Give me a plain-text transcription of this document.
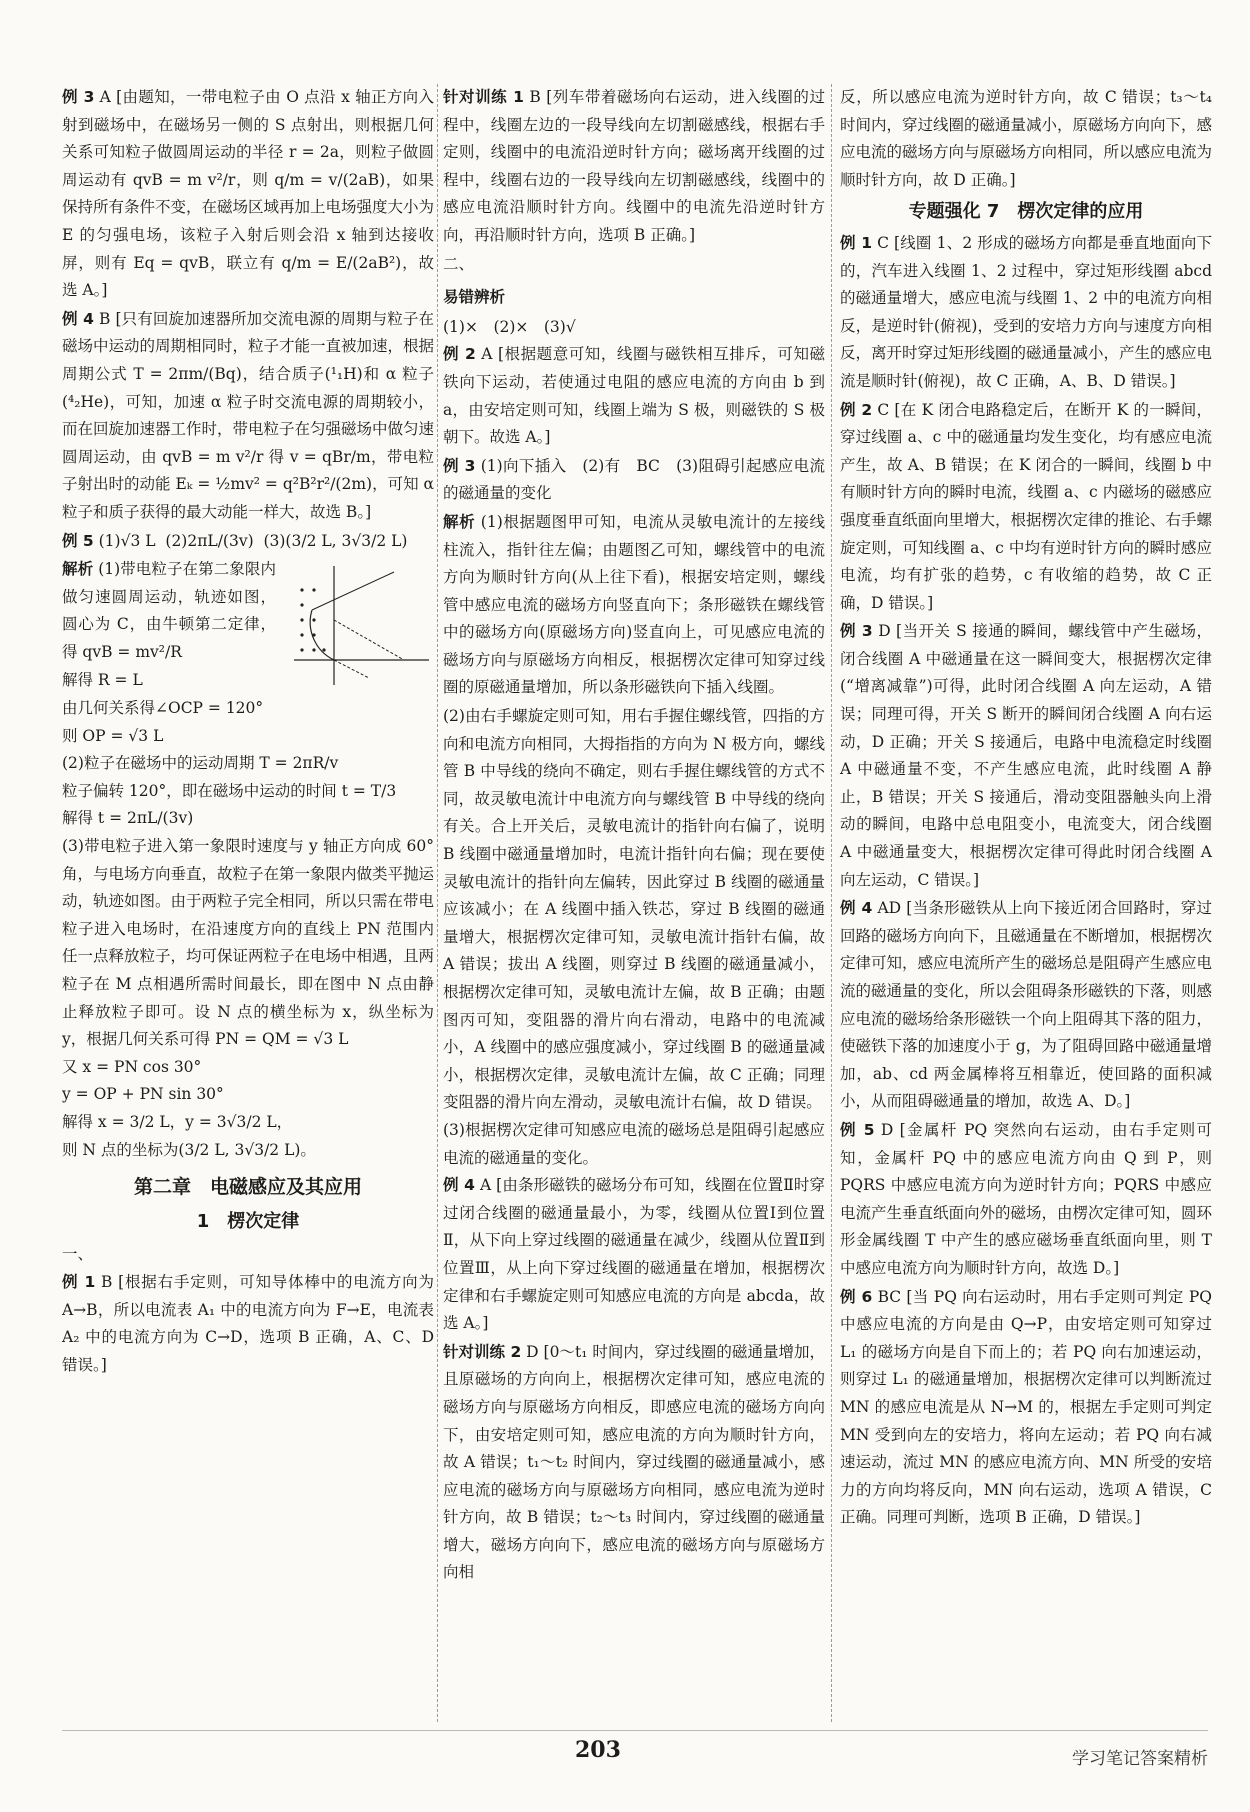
例 3 A [由题知，一带电粒子由 O 点沿 x 轴正方向入射到磁场中，在磁场另一侧的 S 点射出，则根据几何关系可知粒子做圆周运动的半径 r = 2a，则粒子做圆周运动有 qvB = m v²/r，则 q/m = v/(2aB)，如果保持所有条件不变，在磁场区域再加上电场强度大小为 E 的匀强电场，该粒子入射后则会沿 x 轴到达接收屏，则有 Eq = qvB，联立有 q/m = E/(2aB²)，故选 A。]

例 4 B [只有回旋加速器所加交流电源的周期与粒子在磁场中运动的周期相同时，粒子才能一直被加速，根据周期公式 T = 2πm/(Bq)，结合质子(¹₁H)和 α 粒子(⁴₂He)，可知，加速 α 粒子时交流电源的周期较小，而在回旋加速器工作时，带电粒子在匀强磁场中做匀速圆周运动，由 qvB = m v²/r 得 v = qBr/m，带电粒子射出时的动能 Eₖ = ½mv² = q²B²r²/(2m)，可知 α 粒子和质子获得的最大动能一样大，故选 B。]

例 5 (1)√3 L  (2)2πL/(3v)  (3)(3/2 L, 3√3/2 L)

解析 (1)带电粒子在第二象限内做匀速圆周运动，轨迹如图，圆心为 C，由牛顿第二定律，得 qvB = mv²/R

解得 R = L

由几何关系得∠OCP = 120°

则 OP = √3 L

(2)粒子在磁场中的运动周期 T = 2πR/v

粒子偏转 120°，即在磁场中运动的时间 t = T/3

解得 t = 2πL/(3v)

(3)带电粒子进入第一象限时速度与 y 轴正方向成 60°角，与电场方向垂直，故粒子在第一象限内做类平抛运动，轨迹如图。由于两粒子完全相同，所以只需在带电粒子进入电场时，在沿速度方向的直线上 PN 范围内任一点释放粒子，均可保证两粒子在电场中相遇，且两粒子在 M 点相遇所需时间最长，即在图中 N 点由静止释放粒子即可。设 N 点的横坐标为 x，纵坐标为 y，根据几何关系可得 PN = QM = √3 L

又 x = PN cos 30°

y = OP + PN sin 30°

解得 x = 3/2 L，y = 3√3/2 L，

则 N 点的坐标为(3/2 L, 3√3/2 L)。

第二章　电磁感应及其应用
1　楞次定律

一、

例 1 B [根据右手定则，可知导体棒中的电流方向为 A→B，所以电流表 A₁ 中的电流方向为 F→E，电流表 A₂ 中的电流方向为 C→D，选项 B 正确，A、C、D 错误。]

针对训练 1 B [列车带着磁场向右运动，进入线圈的过程中，线圈左边的一段导线向左切割磁感线，根据右手定则，线圈中的电流沿逆时针方向；磁场离开线圈的过程中，线圈右边的一段导线向左切割磁感线，线圈中的感应电流沿顺时针方向。线圈中的电流先沿逆时针方向，再沿顺时针方向，选项 B 正确。]

二、

易错辨析

(1)×　(2)×　(3)√

例 2 A [根据题意可知，线圈与磁铁相互排斥，可知磁铁向下运动，若使通过电阻的感应电流的方向由 b 到 a，由安培定则可知，线圈上端为 S 极，则磁铁的 S 极朝下。故选 A。]

例 3 (1)向下插入　(2)有　BC　(3)阻碍引起感应电流的磁通量的变化

解析 (1)根据题图甲可知，电流从灵敏电流计的左接线柱流入，指针往左偏；由题图乙可知，螺线管中的电流方向为顺时针方向(从上往下看)，根据安培定则，螺线管中感应电流的磁场方向竖直向下；条形磁铁在螺线管中的磁场方向(原磁场方向)竖直向上，可见感应电流的磁场方向与原磁场方向相反，根据楞次定律可知穿过线圈的原磁通量增加，所以条形磁铁向下插入线圈。

(2)由右手螺旋定则可知，用右手握住螺线管，四指的方向和电流方向相同，大拇指指的方向为 N 极方向，螺线管 B 中导线的绕向不确定，则右手握住螺线管的方式不同，故灵敏电流计中电流方向与螺线管 B 中导线的绕向有关。合上开关后，灵敏电流计的指针向右偏了，说明 B 线圈中磁通量增加时，电流计指针向右偏；现在要使灵敏电流计的指针向左偏转，因此穿过 B 线圈的磁通量应该减小；在 A 线圈中插入铁芯，穿过 B 线圈的磁通量增大，根据楞次定律可知，灵敏电流计指针右偏，故 A 错误；拔出 A 线圈，则穿过 B 线圈的磁通量减小，根据楞次定律可知，灵敏电流计左偏，故 B 正确；由题图丙可知，变阻器的滑片向右滑动，电路中的电流减小，A 线圈中的感应强度减小，穿过线圈 B 的磁通量减小，根据楞次定律，灵敏电流计左偏，故 C 正确；同理变阻器的滑片向左滑动，灵敏电流计右偏，故 D 错误。

(3)根据楞次定律可知感应电流的磁场总是阻碍引起感应电流的磁通量的变化。

例 4 A [由条形磁铁的磁场分布可知，线圈在位置Ⅱ时穿过闭合线圈的磁通量最小，为零，线圈从位置Ⅰ到位置Ⅱ，从下向上穿过线圈的磁通量在减少，线圈从位置Ⅱ到位置Ⅲ，从上向下穿过线圈的磁通量在增加，根据楞次定律和右手螺旋定则可知感应电流的方向是 abcda，故选 A。]

针对训练 2 D [0～t₁ 时间内，穿过线圈的磁通量增加，且原磁场的方向向上，根据楞次定律可知，感应电流的磁场方向与原磁场方向相反，即感应电流的磁场方向向下，由安培定则可知，感应电流的方向为顺时针方向，故 A 错误；t₁～t₂ 时间内，穿过线圈的磁通量减小，感应电流的磁场方向与原磁场方向相同，感应电流为逆时针方向，故 B 错误；t₂～t₃ 时间内，穿过线圈的磁通量增大，磁场方向向下，感应电流的磁场方向与原磁场方向相

反，所以感应电流为逆时针方向，故 C 错误；t₃～t₄ 时间内，穿过线圈的磁通量减小，原磁场方向向下，感应电流的磁场方向与原磁场方向相同，所以感应电流为顺时针方向，故 D 正确。]

专题强化 7　楞次定律的应用

例 1 C [线圈 1、2 形成的磁场方向都是垂直地面向下的，汽车进入线圈 1、2 过程中，穿过矩形线圈 abcd 的磁通量增大，感应电流与线圈 1、2 中的电流方向相反，是逆时针(俯视)，受到的安培力方向与速度方向相反，离开时穿过矩形线圈的磁通量减小，产生的感应电流是顺时针(俯视)，故 C 正确，A、B、D 错误。]

例 2 C [在 K 闭合电路稳定后，在断开 K 的一瞬间，穿过线圈 a、c 中的磁通量均发生变化，均有感应电流产生，故 A、B 错误；在 K 闭合的一瞬间，线圈 b 中有顺时针方向的瞬时电流，线圈 a、c 内磁场的磁感应强度垂直纸面向里增大，根据楞次定律的推论、右手螺旋定则，可知线圈 a、c 中均有逆时针方向的瞬时感应电流，均有扩张的趋势，c 有收缩的趋势，故 C 正确，D 错误。]

例 3 D [当开关 S 接通的瞬间，螺线管中产生磁场，闭合线圈 A 中磁通量在这一瞬间变大，根据楞次定律(“增离减靠”)可得，此时闭合线圈 A 向左运动，A 错误；同理可得，开关 S 断开的瞬间闭合线圈 A 向右运动，D 正确；开关 S 接通后，电路中电流稳定时线圈 A 中磁通量不变，不产生感应电流，此时线圈 A 静止，B 错误；开关 S 接通后，滑动变阻器触头向上滑动的瞬间，电路中总电阻变小，电流变大，闭合线圈 A 中磁通量变大，根据楞次定律可得此时闭合线圈 A 向左运动，C 错误。]

例 4 AD [当条形磁铁从上向下接近闭合回路时，穿过回路的磁场方向向下，且磁通量在不断增加，根据楞次定律可知，感应电流所产生的磁场总是阻碍产生感应电流的磁通量的变化，所以会阻碍条形磁铁的下落，则感应电流的磁场给条形磁铁一个向上阻碍其下落的阻力，使磁铁下落的加速度小于 g，为了阻碍回路中磁通量增加，ab、cd 两金属棒将互相靠近，使回路的面积减小，从而阻碍磁通量的增加，故选 A、D。]

例 5 D [金属杆 PQ 突然向右运动，由右手定则可知，金属杆 PQ 中的感应电流方向由 Q 到 P，则 PQRS 中感应电流方向为逆时针方向；PQRS 中感应电流产生垂直纸面向外的磁场，由楞次定律可知，圆环形金属线圈 T 中产生的感应磁场垂直纸面向里，则 T 中感应电流方向为顺时针方向，故选 D。]

例 6 BC [当 PQ 向右运动时，用右手定则可判定 PQ 中感应电流的方向是由 Q→P，由安培定则可知穿过 L₁ 的磁场方向是自下而上的；若 PQ 向右加速运动，则穿过 L₁ 的磁通量增加，根据楞次定律可以判断流过 MN 的感应电流是从 N→M 的，根据左手定则可判定 MN 受到向左的安培力，将向左运动；若 PQ 向右减速运动，流过 MN 的感应电流方向、MN 所受的安培力的方向均将反向，MN 向右运动，选项 A 错误，C 正确。同理可判断，选项 B 正确，D 错误。]

203	学习笔记答案精析
